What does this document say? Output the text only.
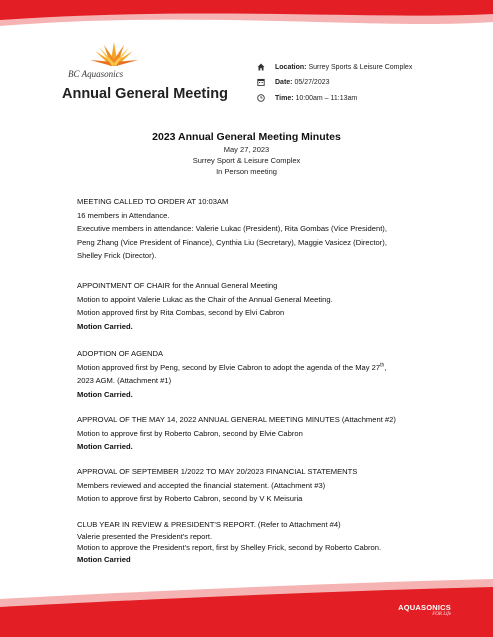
BC Aquasonics
Annual General Meeting
Location: Surrey Sports & Leisure Complex
Date: 05/27/2023
Time: 10:00am – 11:13am
2023 Annual General Meeting Minutes
May 27, 2023
Surrey Sport & Leisure Complex
In Person meeting

MEETING CALLED TO ORDER AT 10:03AM

16 members in Attendance.

Executive members in attendance: Valerie Lukac (President), Rita Gombas (Vice President),

Peng Zhang (Vice President of Finance), Cynthia Liu (Secretary), Maggie Vasicez (Director),

Shelley Frick (Director).

APPOINTMENT OF CHAIR for the Annual General Meeting

Motion to appoint Valerie Lukac as the Chair of the Annual General Meeting.

Motion approved first by Rita Combas, second by Elvi Cabron

Motion Carried.

ADOPTION OF AGENDA

Motion approved first by Peng, second by Elvie Cabron to adopt the agenda of the May 27th,

2023 AGM. (Attachment #1)

Motion Carried.

APPROVAL OF THE MAY 14, 2022 ANNUAL GENERAL MEETING MINUTES (Attachment #2)

Motion to approve first by Roberto Cabron, second by Elvie Cabron

Motion Carried.

APPROVAL OF SEPTEMBER 1/2022 TO MAY 20/2023 FINANCIAL STATEMENTS

Members reviewed and accepted the financial statement. (Attachment #3)

Motion to approve first by Roberto Cabron, second by V K Meisuria

CLUB YEAR IN REVIEW & PRESIDENT'S REPORT. (Refer to Attachment #4)

Valerie presented the President's report.

Motion to approve the President's report, first by Shelley Frick, second by Roberto Cabron.

Motion Carried

AQUASONICS
FOR Life
